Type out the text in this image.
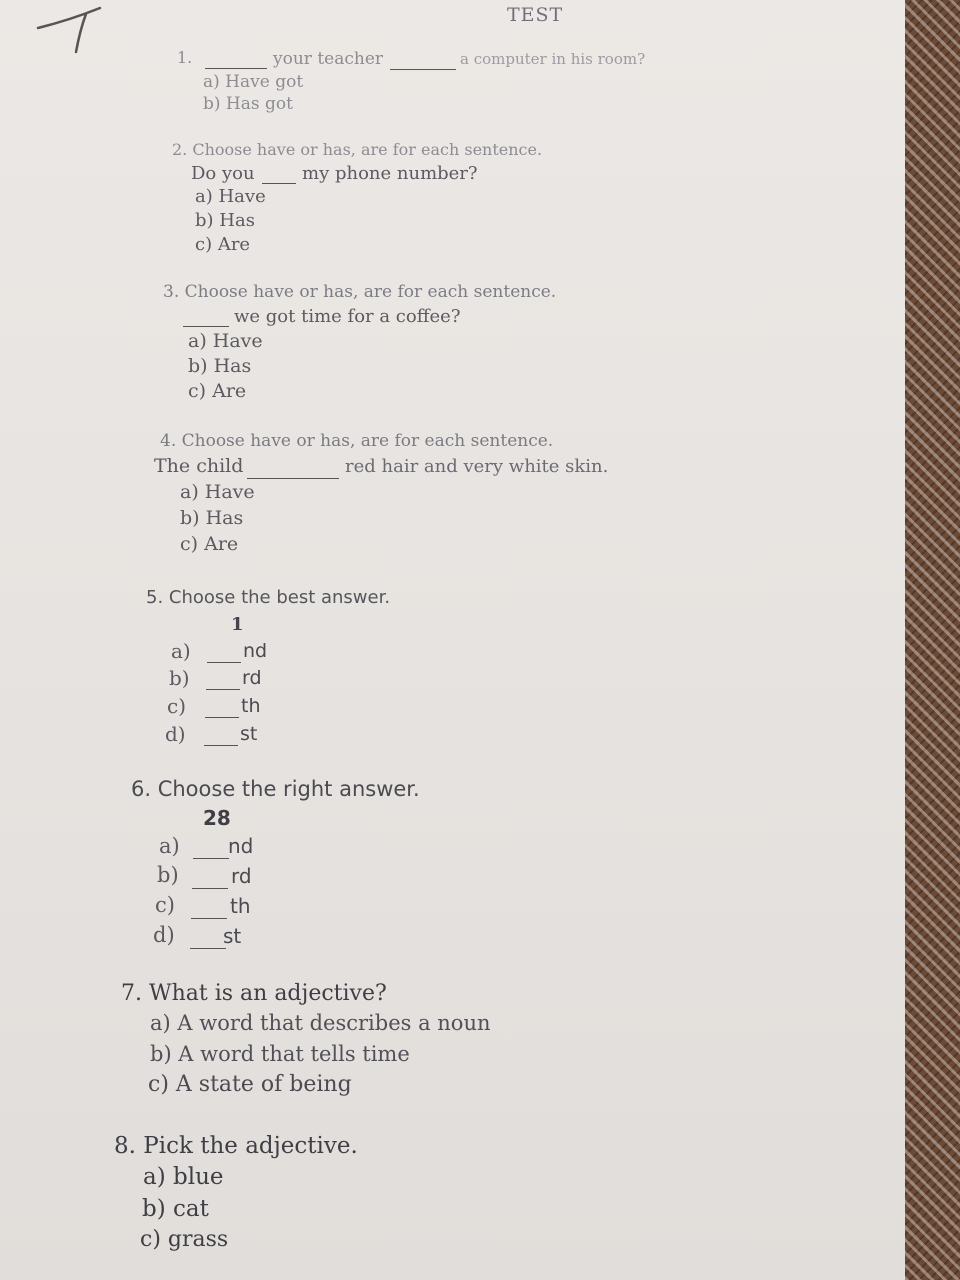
TEST
1.	your teacher	a computer in his room?
a) Have got
b) Has got
2. Choose have or has, are for each sentence.
Do you	my phone number?
a) Have
b) Has
c) Are
3. Choose have or has, are for each sentence.
we got time for a coffee?
a) Have
b) Has
c) Are
4. Choose have or has, are for each sentence.
The child	red hair and very white skin.
a) Have
b) Has
c) Are
5. Choose the best answer.
1
a)
b)
c)
d)
nd
rd
th
st
6. Choose the right answer.
28
a)
b)
c)
d)
nd
rd
th
st
7. What is an adjective?
a) A word that describes a noun
b) A word that tells time
c) A state of being
8. Pick the adjective.
a) blue
b) cat
c) grass
